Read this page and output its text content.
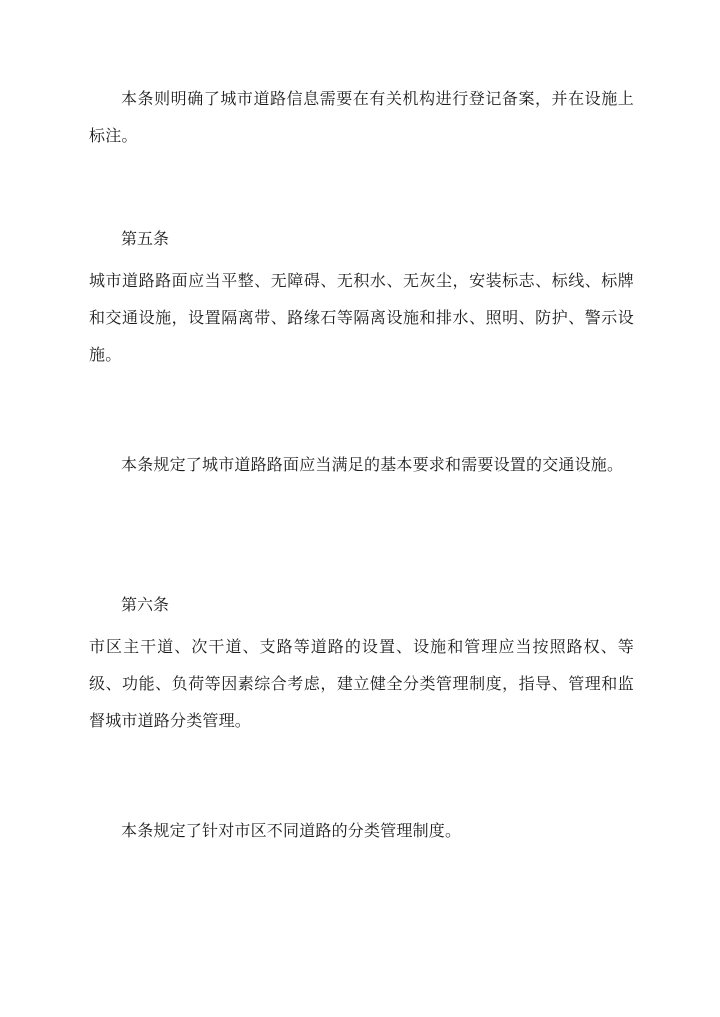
本条则明确了城市道路信息需要在有关机构进行登记备案，并在设施上标注。

第五条

城市道路路面应当平整、无障碍、无积水、无灰尘，安装标志、标线、标牌和交通设施，设置隔离带、路缘石等隔离设施和排水、照明、防护、警示设施。

本条规定了城市道路路面应当满足的基本要求和需要设置的交通设施。

第六条

市区主干道、次干道、支路等道路的设置、设施和管理应当按照路权、等级、功能、负荷等因素综合考虑，建立健全分类管理制度，指导、管理和监督城市道路分类管理。

本条规定了针对市区不同道路的分类管理制度。
